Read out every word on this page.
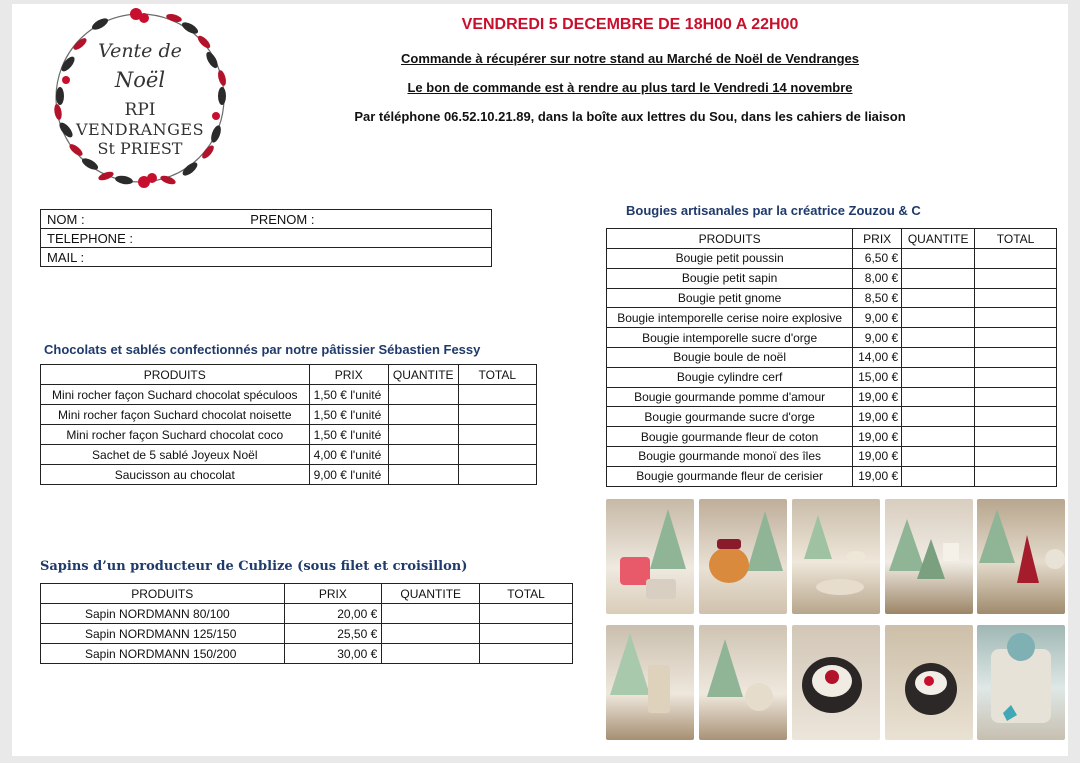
Vente de
Noël
RPI
VENDRANGES
St PRIEST
VENDREDI 5 DECEMBRE DE 18H00 A 22H00
Commande à récupérer sur notre stand au Marché de Noël de Vendranges
Le bon de commande est à rendre au plus tard le Vendredi 14 novembre
Par téléphone 06.52.10.21.89, dans la boîte aux lettres du Sou, dans les cahiers de liaison
NOM :	PRENOM :
TELEPHONE :
MAIL :
Chocolats et sablés confectionnés par notre pâtissier Sébastien Fessy
PRODUITS	PRIX	QUANTITE	TOTAL
Mini rocher façon Suchard chocolat spéculoos	1,50 € l'unité		
Mini rocher façon Suchard chocolat noisette	1,50 € l'unité		
Mini rocher façon Suchard chocolat coco	1,50 € l'unité		
Sachet de 5 sablé Joyeux Noël	4,00 € l'unité		
Saucisson au chocolat	9,00 € l'unité		
Sapins d’un producteur de Cublize (sous filet et croisillon)
PRODUITS	PRIX	QUANTITE	TOTAL
Sapin NORDMANN 80/100	20,00 €		
Sapin NORDMANN 125/150	25,50 €		
Sapin NORDMANN 150/200	30,00 €		
Bougies artisanales par la créatrice Zouzou & C
PRODUITS	PRIX	QUANTITE	TOTAL
Bougie petit poussin	6,50 €		
Bougie petit sapin	8,00 €		
Bougie petit gnome	8,50 €		
Bougie intemporelle cerise noire explosive	9,00 €		
Bougie intemporelle sucre d'orge	9,00 €		
Bougie boule de noël	14,00 €		
Bougie cylindre cerf	15,00 €		
Bougie gourmande pomme d'amour	19,00 €		
Bougie gourmande sucre d'orge	19,00 €		
Bougie gourmande fleur de coton	19,00 €		
Bougie gourmande monoï des îles	19,00 €		
Bougie gourmande fleur de cerisier	19,00 €		
